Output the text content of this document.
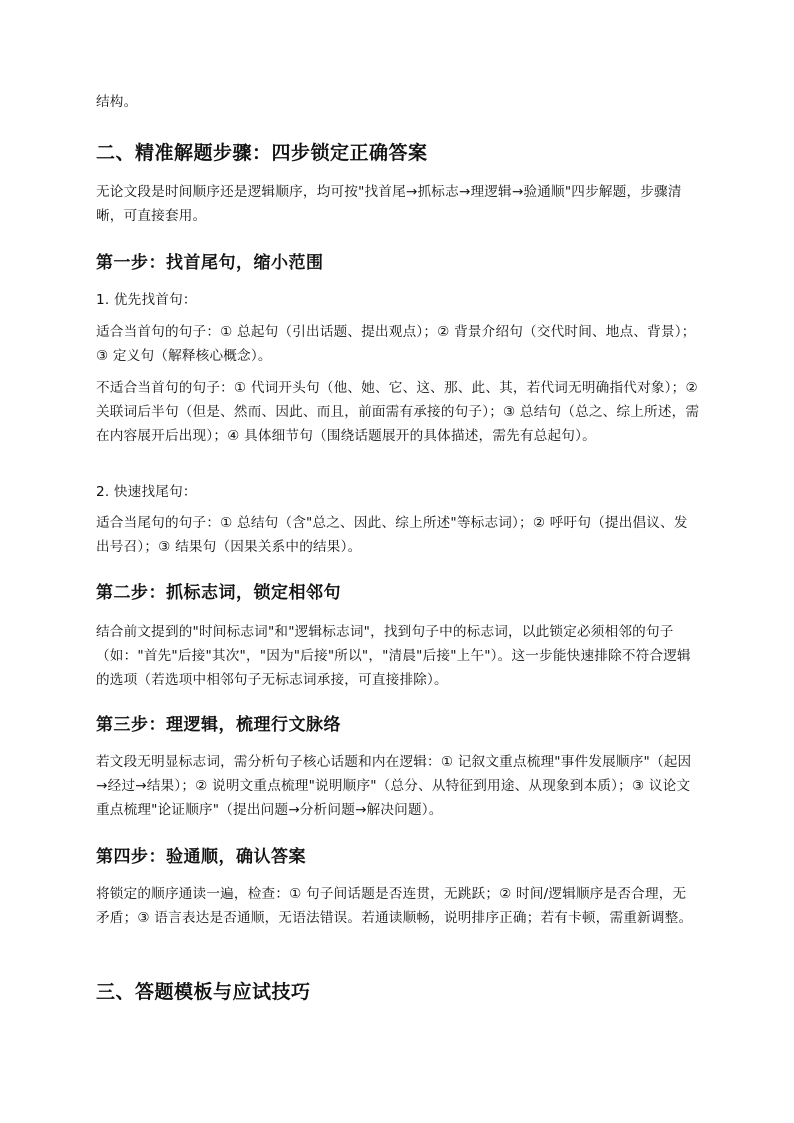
结构。

二、精准解题步骤：四步锁定正确答案

无论文段是时间顺序还是逻辑顺序，均可按"找首尾→抓标志→理逻辑→验通顺"四步解题，步骤清晰，可直接套用。

第一步：找首尾句，缩小范围

1. 优先找首句：

适合当首句的句子：① 总起句（引出话题、提出观点）；② 背景介绍句（交代时间、地点、背景）；③ 定义句（解释核心概念）。

不适合当首句的句子：① 代词开头句（他、她、它、这、那、此、其，若代词无明确指代对象）；② 关联词后半句（但是、然而、因此、而且，前面需有承接的句子）；③ 总结句（总之、综上所述，需在内容展开后出现）；④ 具体细节句（围绕话题展开的具体描述，需先有总起句）。

2. 快速找尾句：

适合当尾句的句子：① 总结句（含"总之、因此、综上所述"等标志词）；② 呼吁句（提出倡议、发出号召）；③ 结果句（因果关系中的结果）。

第二步：抓标志词，锁定相邻句

结合前文提到的"时间标志词"和"逻辑标志词"，找到句子中的标志词，以此锁定必须相邻的句子（如："首先"后接"其次"，"因为"后接"所以"，"清晨"后接"上午"）。这一步能快速排除不符合逻辑的选项（若选项中相邻句子无标志词承接，可直接排除）。

第三步：理逻辑，梳理行文脉络

若文段无明显标志词，需分析句子核心话题和内在逻辑：① 记叙文重点梳理"事件发展顺序"（起因→经过→结果）；② 说明文重点梳理"说明顺序"（总分、从特征到用途、从现象到本质）；③ 议论文重点梳理"论证顺序"（提出问题→分析问题→解决问题）。

第四步：验通顺，确认答案

将锁定的顺序通读一遍，检查：① 句子间话题是否连贯，无跳跃；② 时间/逻辑顺序是否合理，无矛盾；③ 语言表达是否通顺，无语法错误。若通读顺畅，说明排序正确；若有卡顿，需重新调整。

三、答题模板与应试技巧
